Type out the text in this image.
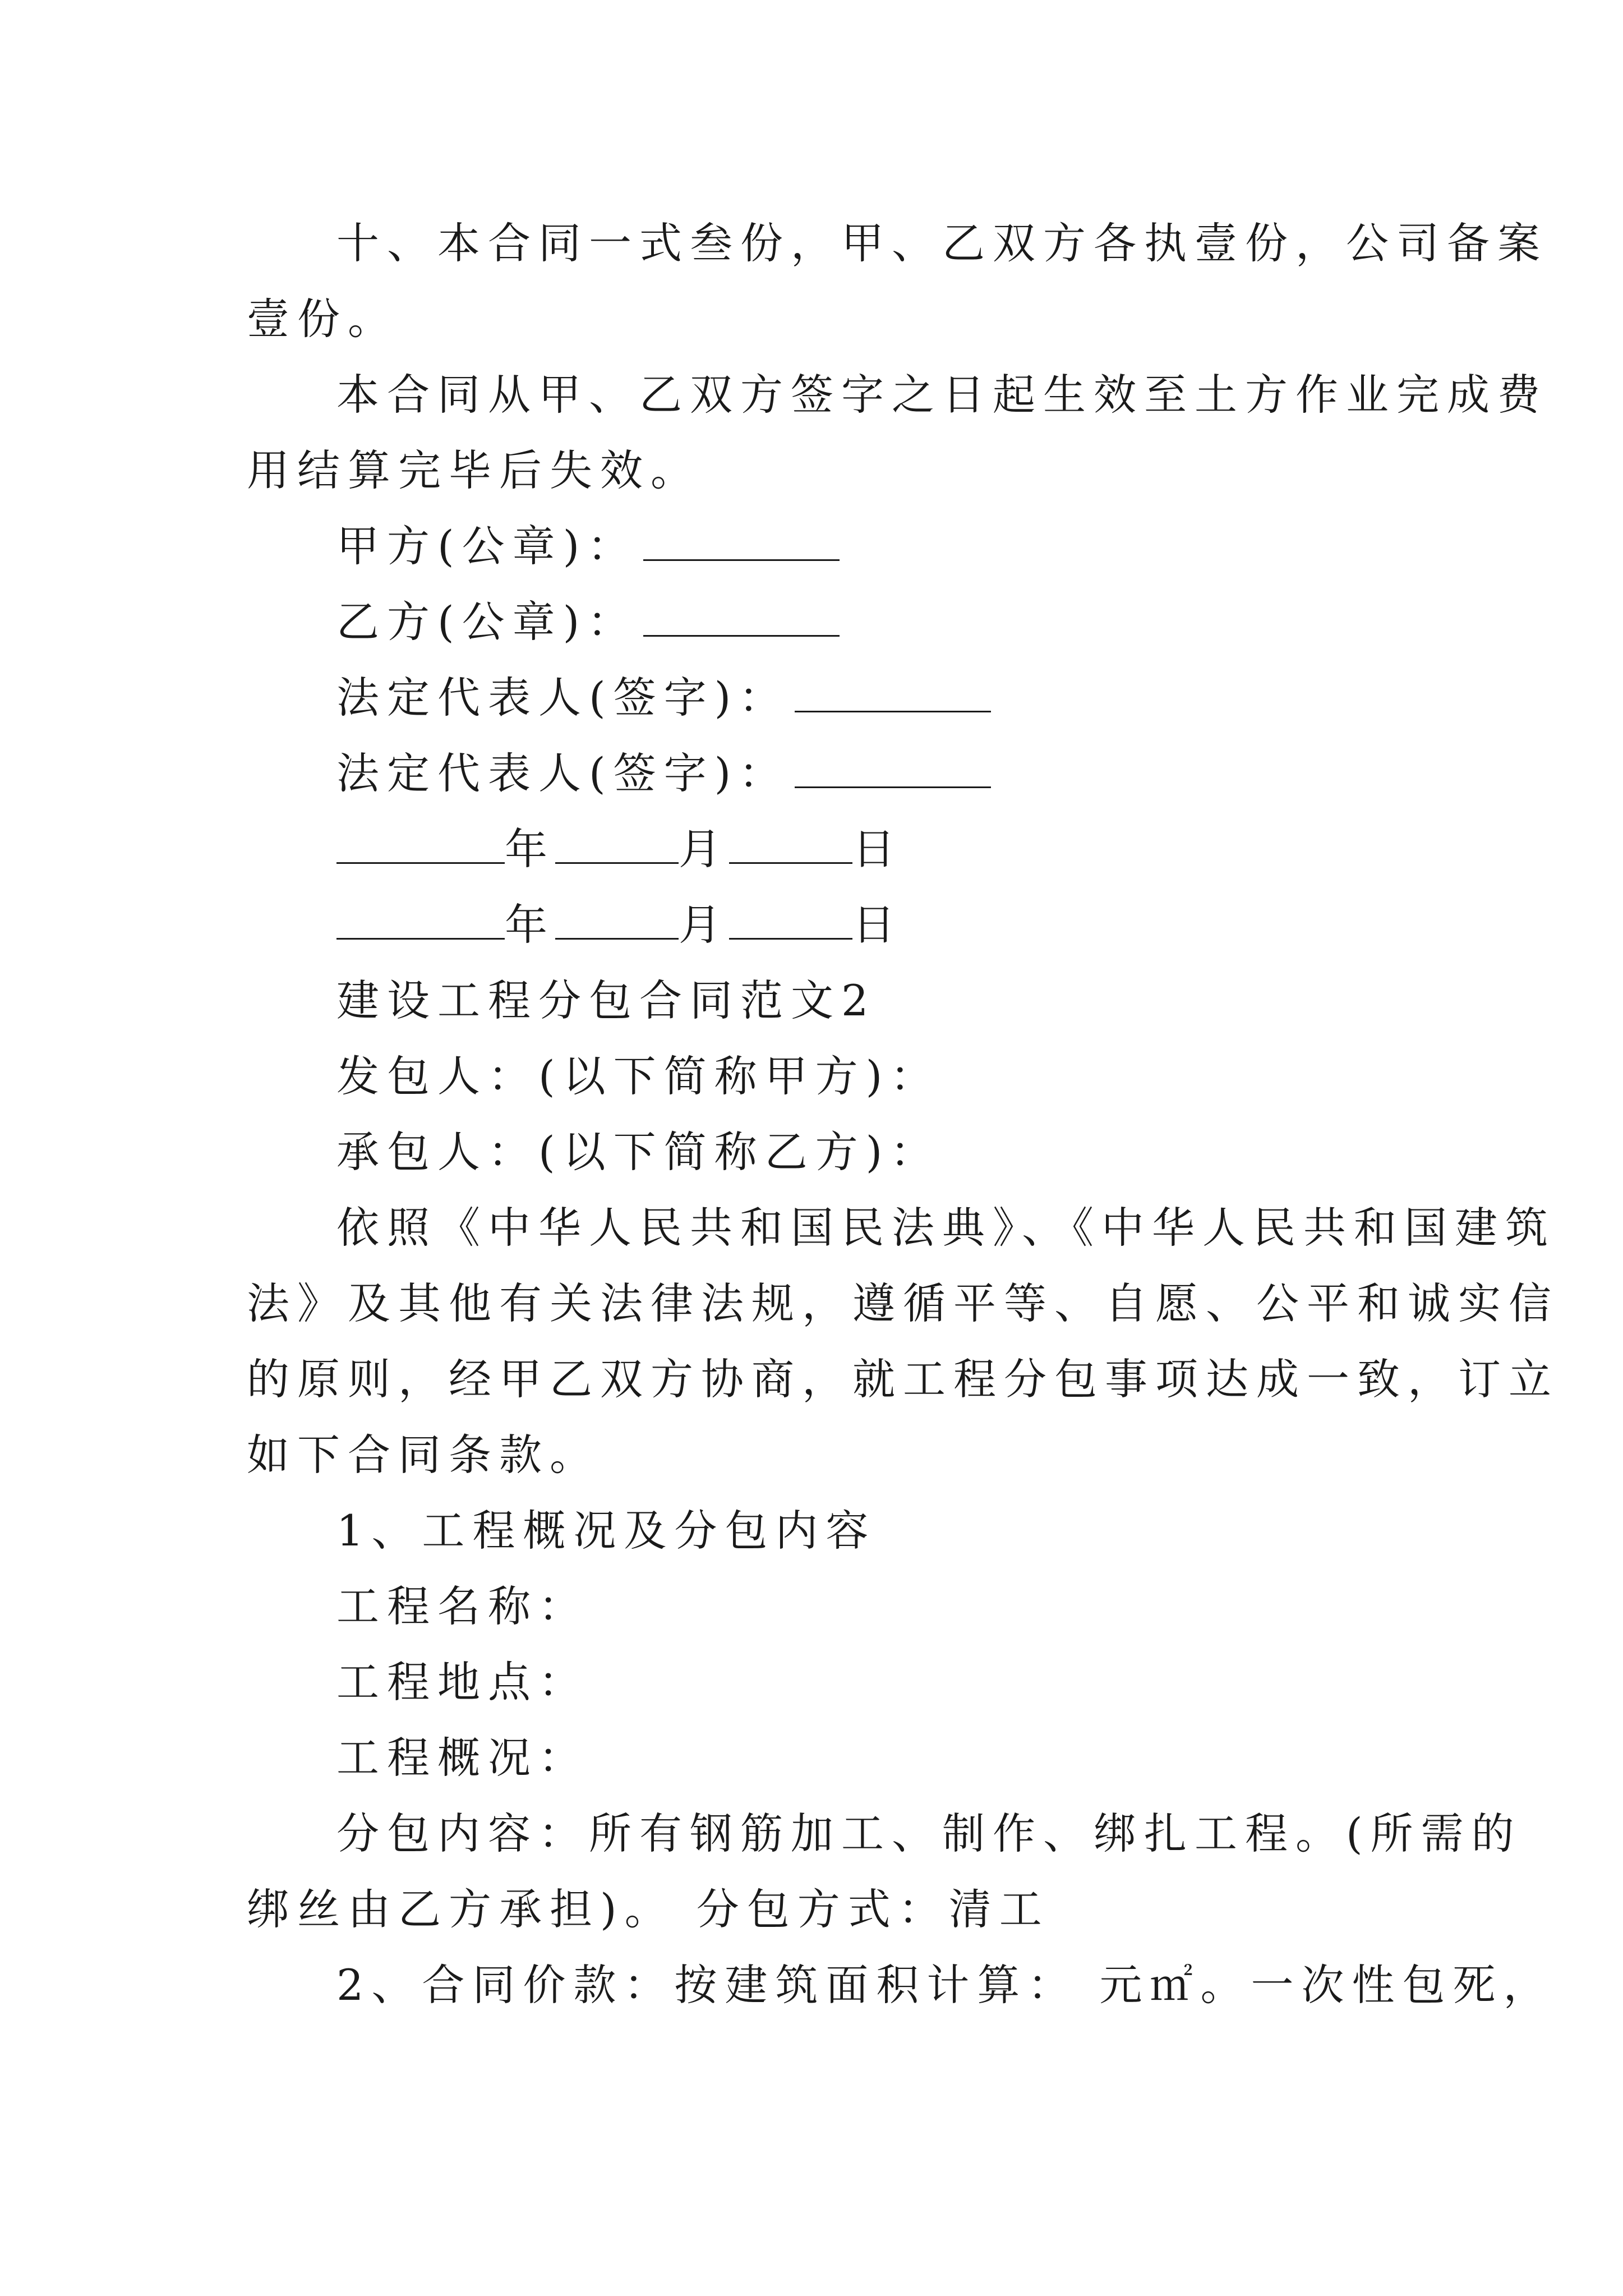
十、本合同一式叁份，甲、乙双方各执壹份，公司备案
壹份。
本合同从甲、乙双方签字之日起生效至土方作业完成费
用结算完毕后失效。
甲方(公章)：
乙方(公章)：
法定代表人(签字)：
法定代表人(签字)：
年	月	日
年	月	日
建设工程分包合同范文2
发包人：(以下简称甲方)：
承包人：(以下简称乙方)：
依照《中华人民共和国民法典》、《中华人民共和国建筑
法》及其他有关法律法规，遵循平等、自愿、公平和诚实信
的原则，经甲乙双方协商，就工程分包事项达成一致，订立
如下合同条款。
1、工程概况及分包内容
工程名称：
工程地点：
工程概况：
分包内容：所有钢筋加工、制作、绑扎工程。(所需的
绑丝由乙方承担)。 分包方式：清工
2、合同价款：按建筑面积计算： 元㎡。一次性包死，
